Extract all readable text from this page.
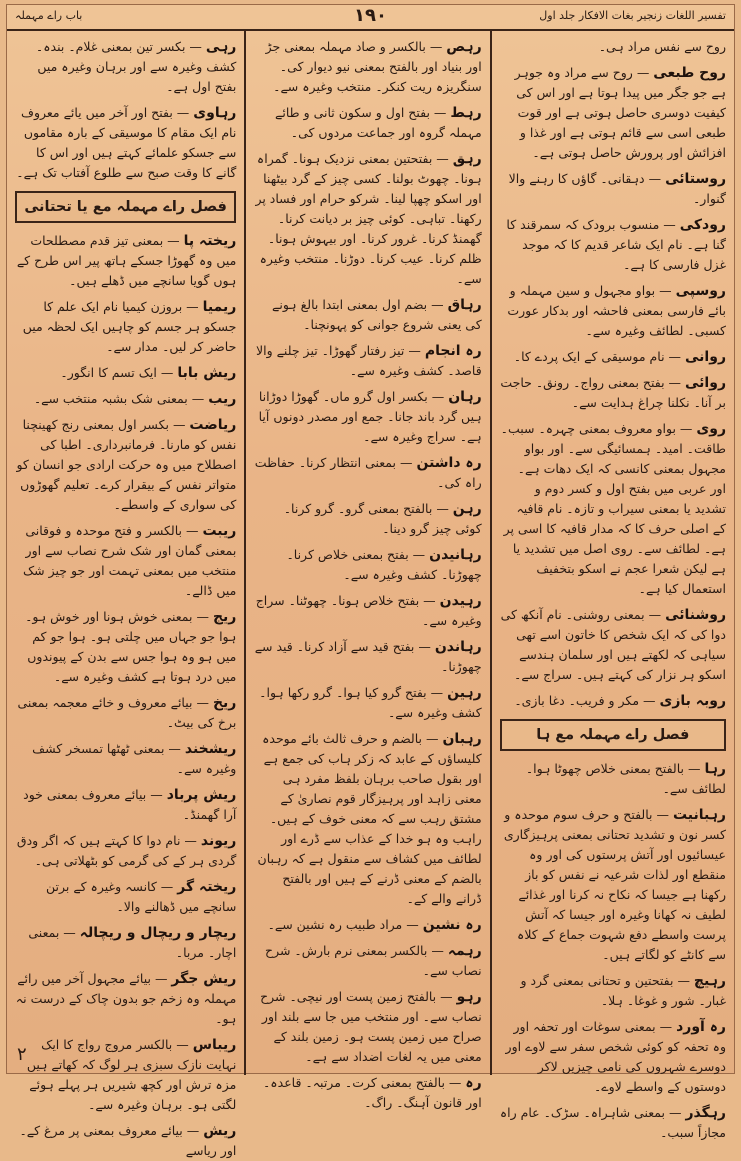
باب راے مہملہ	١٩٠	تفسیر اللغات زنجیر بغات الافکار جلد اول
روح سے نفس مراد ہی۔
روح طبعی — روح سے مراد وہ جوہر ہے جو جگر میں پیدا ہوتا ہے اور اس کی کیفیت دوسری حاصل ہوتی ہے اور قوت طبعی اسی سے قائم ہوتی ہے اور غذا و افزائش اور پرورش حاصل ہوتی ہے۔
روستائی — دہقانی۔ گاؤں کا رہنے والا گنوار۔
رودکی — منسوب برودک کہ سمرقند کا گنا ہے۔ نام ایک شاعر قدیم کا کہ موجد غزل فارسی کا ہے۔
روسپی — بواو مجہول و سین مہملہ و بائے فارسی بمعنی فاحشہ اور بدکار عورت کسبی۔ لطائف وغیرہ سے۔
روانی — نام موسیقی کے ایک پردے کا۔
روائی — بفتح بمعنی رواج۔ رونق۔ حاجت بر آنا۔ نکلنا چراغ ہدایت سے۔
روی — بواو معروف بمعنی چہرہ۔ سبب۔ طاقت۔ امید۔ ہمسائیگی سے۔ اور بواو مجہول بمعنی کانسی کہ ایک دھات ہے۔ اور عربی میں بفتح اول و کسر دوم و تشدید یا بمعنی سیراب و تازہ۔ نام قافیہ کے اصلی حرف کا کہ مدار قافیہ کا اسی پر ہے۔ لطائف سے۔ روی اصل میں تشدید یا ہے لیکن شعرا عجم نے اسکو بتخفیف استعمال کیا ہے۔
روشنائی — بمعنی روشنی۔ نام آنکھ کی دوا کی کہ ایک شخص کا خاتون اسے تھی سیاہی کہ لکھتے ہیں اور سلمان ہندسے اسکو ہر نزار کی کہتے ہیں۔ سراج سے۔
روبہ بازی — مکر و فریب۔ دغا بازی۔
فصل راے مہملہ مع ہا
رہا — بالفتح بمعنی خلاص چھوٹا ہوا۔ لطائف سے۔
رہبانیت — بالفتح و حرف سوم موحدہ و کسر نون و تشدید تحتانی بمعنی پرہیزگاری عیسائیوں اور آتش پرستوں کی اور وہ منقطع اور لذات شرعیہ نے نفس کو باز رکھنا ہے جیسا کہ نکاح نہ کرنا اور غذائے لطیف نہ کھانا وغیرہ اور جیسا کہ آتش پرست واسطے دفع شہوت جماع کے کلاہ سے کانٹے کو لگاتے ہیں۔
رہیچ — بفتحتین و تحتانی بمعنی گرد و غبار۔ شور و غوغا۔ ہلا۔
رہ آورد — بمعنی سوغات اور تحفہ اور وہ تحفہ کو کوئی شخص سفر سے لاوے اور دوسرے شہروں کی نامی چیزیں لاکر دوستوں کے واسطے لاوے۔
رہگذر — بمعنی شاہراہ۔ سڑک۔ عام راہ مجازاً سبب۔
رہص — بالکسر و صاد مہملہ بمعنی جڑ اور بنیاد اور بالفتح بمعنی نیو دیوار کی۔ سنگریزہ ریت کنکر۔ منتخب وغیرہ سے۔
رہط — بفتح اول و سکون ثانی و طائے مہملہ گروہ اور جماعت مردوں کی۔
رہق — بفتحتین بمعنی نزدیک ہونا۔ گمراہ ہونا۔ چھوٹ بولنا۔ کسی چیز کے گرد بیٹھنا اور اسکو چھپا لینا۔ شرکو حرام اور فساد پر رکھنا۔ تباہی۔ کوئی چیز بر دیانت کرنا۔ گھمنڈ کرنا۔ غرور کرنا۔ اور بیہوش ہونا۔ ظلم کرنا۔ عیب کرنا۔ دوڑنا۔ منتخب وغیرہ سے۔
رہاق — بضم اول بمعنی ابتدا بالغ ہونے کی یعنی شروع جوانی کو پہونچنا۔
رہ انجام — تیز رفتار گھوڑا۔ تیز چلنے والا قاصد۔ کشف وغیرہ سے۔
رہان — بکسر اول گرو ماں۔ گھوڑا دوڑانا ہیں گرد باند جانا۔ جمع اور مصدر دونوں آیا ہے۔ سراج وغیرہ سے۔
رہ داشتن — بمعنی انتظار کرنا۔ حفاظت راہ کی۔
رہن — بالفتح بمعنی گرو۔ گرو کرنا۔ کوئی چیز گرو دینا۔
رہانیدن — بفتح بمعنی خلاص کرنا۔ چھوڑنا۔ کشف وغیرہ سے۔
رہیدن — بفتح خلاص ہونا۔ چھوٹنا۔ سراج وغیرہ سے۔
رہاندن — بفتح قید سے آزاد کرنا۔ قید سے چھوڑنا۔
رہین — بفتح گرو کیا ہوا۔ گرو رکھا ہوا۔ کشف وغیرہ سے۔
رہبان — بالضم و حرف ثالث بائے موحدہ کلیساؤں کے عابد کہ زکر ہاب کی جمع ہے اور بقول صاحب برہان بلفظ مفرد ہی معنی زاہد اور پرہیزگار قوم نصاریٰ کے مشتق رہب سے کہ معنی خوف کے ہیں۔ راہب وہ ہو خدا کے عذاب سے ڈرے اور لطائف میں کشاف سے منقول ہے کہ رہبان بالضم کے معنی ڈرنے کے ہیں اور بالفتح ڈرانے والے کے۔
رہ نشین — مراد طبیب رہ نشین سے۔
رہمہ — بالکسر بمعنی نرم بارش۔ شرح نصاب سے۔
رہو — بالفتح زمین پست اور نیچی۔ شرح نصاب سے۔ اور منتخب میں جا سے بلند اور صراح میں زمین پست ہو۔ زمین بلند کے معنی میں یہ لغات اضداد سے ہے۔
رہ — بالفتح بمعنی کرت۔ مرتبہ۔ قاعدہ۔ اور قانون آہنگ۔ راگ۔
رہی — بکسر تین بمعنی غلام۔ بندہ۔ کشف وغیرہ سے اور برہان وغیرہ میں بفتح اول ہے۔
رہاوی — بفتح اور آخر میں یائے معروف نام ایک مقام کا موسیقی کے بارہ مقاموں سے جسکو علمائے کہتے ہیں اور اس کا گانے کا وقت صبح سے طلوع آفتاب تک ہے۔
فصل راے مہملہ مع یا تحتانی
ریختہ پا — بمعنی تیز قدم مصطلحات میں وہ گھوڑا جسکے ہاتھ پیر اس طرح کے ہوں گویا سانچے میں ڈھلے ہیں۔
ریمیا — بروزن کیمیا نام ایک علم کا جسکو ہر جسم کو چاہیں ایک لحظہ میں حاضر کر لیں۔ مدار سے۔
ریش بابا — ایک تسم کا انگور۔
ریب — بمعنی شک بشبہ منتخب سے۔
ریاضت — بکسر اول بمعنی رنج کھینچنا نفس کو مارنا۔ فرمانبرداری۔ اطبا کی اصطلاح میں وہ حرکت ارادی جو انسان کو متواتر نفس کے بیقرار کرے۔ تعلیم گھوڑوں کی سواری کے واسطے۔
ریبت — بالکسر و فتح موحدہ و فوقانی بمعنی گمان اور شک شرح نصاب سے اور منتخب میں بمعنی تہمت اور جو چیز شک میں ڈالے۔
ریج — بمعنی خوش ہونا اور خوش ہو۔ ہوا جو جہاں میں چلتی ہو۔ ہوا جو کم میں ہو وہ ہوا جس سے بدن کے پیوندوں میں درد ہوتا ہے کشف وغیرہ سے۔
ریخ — بیائے معروف و خائے معجمہ بمعنی برخ کی بیٹ۔
ریشخند — بمعنی ٹھٹھا تمسخر کشف وغیرہ سے۔
ریش پرباد — بیائے معروف بمعنی خود آرا گھمنڈ۔
ریوند — نام دوا کا کہتے ہیں کہ اگر ودق گردی ہر کے کی گرمی کو بٹھلاتی ہی۔
ریختہ گر — کانسہ وغیرہ کے برتن سانچے میں ڈھالنے والا۔
ریچار و ریچال و ریچالہ — بمعنی اچار۔ مربا۔
ریش جگر — بیائے مجہول آخر میں رائے مہملہ وہ زخم جو بدون چاک کے درست نہ ہو۔
ریباس — بالکسر مروج رواج کا ایک نہایت نازک سبزی ہر لوگ کہ کھاتے ہیں مزہ ترش اور کچھ شیریں ہر پہلے ہوئے لگتی ہو۔ برہان وغیرہ سے۔
ریش — بیائے معروف بمعنی پر مرغ کے۔ اور ریاسے
۲
